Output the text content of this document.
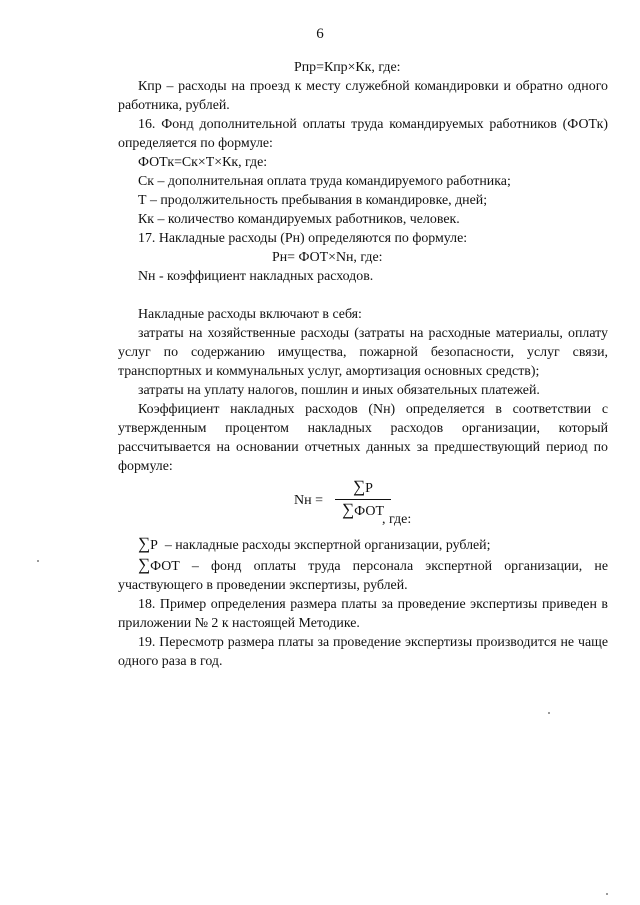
6

Рпр=Кпр×Кк, где:

Кпр – расходы на проезд к месту служебной командировки и обратно одного работника, рублей.

16. Фонд дополнительной оплаты труда командируемых работников (ФОТк) определяется по формуле:

ФОТк=Ск×Т×Кк, где:

Ск – дополнительная оплата труда командируемого работника;

Т – продолжительность пребывания в командировке, дней;

Кк – количество командируемых работников, человек.

17. Накладные расходы (Рн) определяются по формуле:

Рн= ФОТ×Nн, где:

Nн - коэффициент накладных расходов.

Накладные расходы включают в себя:

затраты на хозяйственные расходы (затраты на расходные материалы, оплату услуг по содержанию имущества, пожарной безопасности, услуг связи, транспортных и коммунальных услуг, амортизация основных средств);

затраты на уплату налогов, пошлин и иных обязательных платежей.

Коэффициент накладных расходов (Nн) определяется в соответствии с утвержденным процентом накладных расходов организации, который рассчитывается на основании отчетных данных за предшествующий период по формуле:

Nн =
∑P
∑ФОТ
, где:

∑P – накладные расходы экспертной организации, рублей;

∑ФОТ – фонд оплаты труда персонала экспертной организации, не участвующего в проведении экспертизы, рублей.

18. Пример определения размера платы за проведение экспертизы приведен в приложении № 2 к настоящей Методике.

19. Пересмотр размера платы за проведение экспертизы производится не чаще одного раза в год.
